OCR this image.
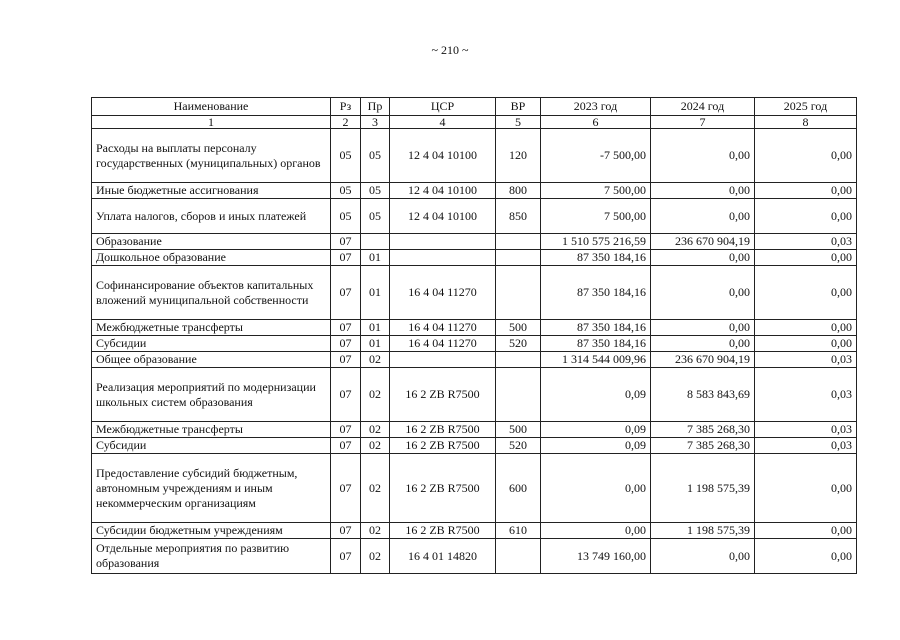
~ 210 ~
Наименование	Рз	Пр	ЦСР	ВР	2023 год	2024 год	2025 год
1	2	3	4	5	6	7	8
Расходы на выплаты персоналу государственных (муниципальных) органов	05	05	12 4 04 10100	120	-7 500,00	0,00	0,00
Иные бюджетные ассигнования	05	05	12 4 04 10100	800	7 500,00	0,00	0,00
Уплата налогов, сборов и иных платежей	05	05	12 4 04 10100	850	7 500,00	0,00	0,00
Образование	07				1 510 575 216,59	236 670 904,19	0,03
Дошкольное образование	07	01			87 350 184,16	0,00	0,00
Софинансирование объектов капитальных вложений муниципальной собственности	07	01	16 4 04 11270		87 350 184,16	0,00	0,00
Межбюджетные трансферты	07	01	16 4 04 11270	500	87 350 184,16	0,00	0,00
Субсидии	07	01	16 4 04 11270	520	87 350 184,16	0,00	0,00
Общее образование	07	02			1 314 544 009,96	236 670 904,19	0,03
Реализация мероприятий по модернизации школьных систем образования	07	02	16 2 ZB R7500		0,09	8 583 843,69	0,03
Межбюджетные трансферты	07	02	16 2 ZB R7500	500	0,09	7 385 268,30	0,03
Субсидии	07	02	16 2 ZB R7500	520	0,09	7 385 268,30	0,03
Предоставление субсидий бюджетным, автономным учреждениям и иным некоммерческим организациям	07	02	16 2 ZB R7500	600	0,00	1 198 575,39	0,00
Субсидии бюджетным учреждениям	07	02	16 2 ZB R7500	610	0,00	1 198 575,39	0,00
Отдельные мероприятия по развитию образования	07	02	16 4 01 14820		13 749 160,00	0,00	0,00
